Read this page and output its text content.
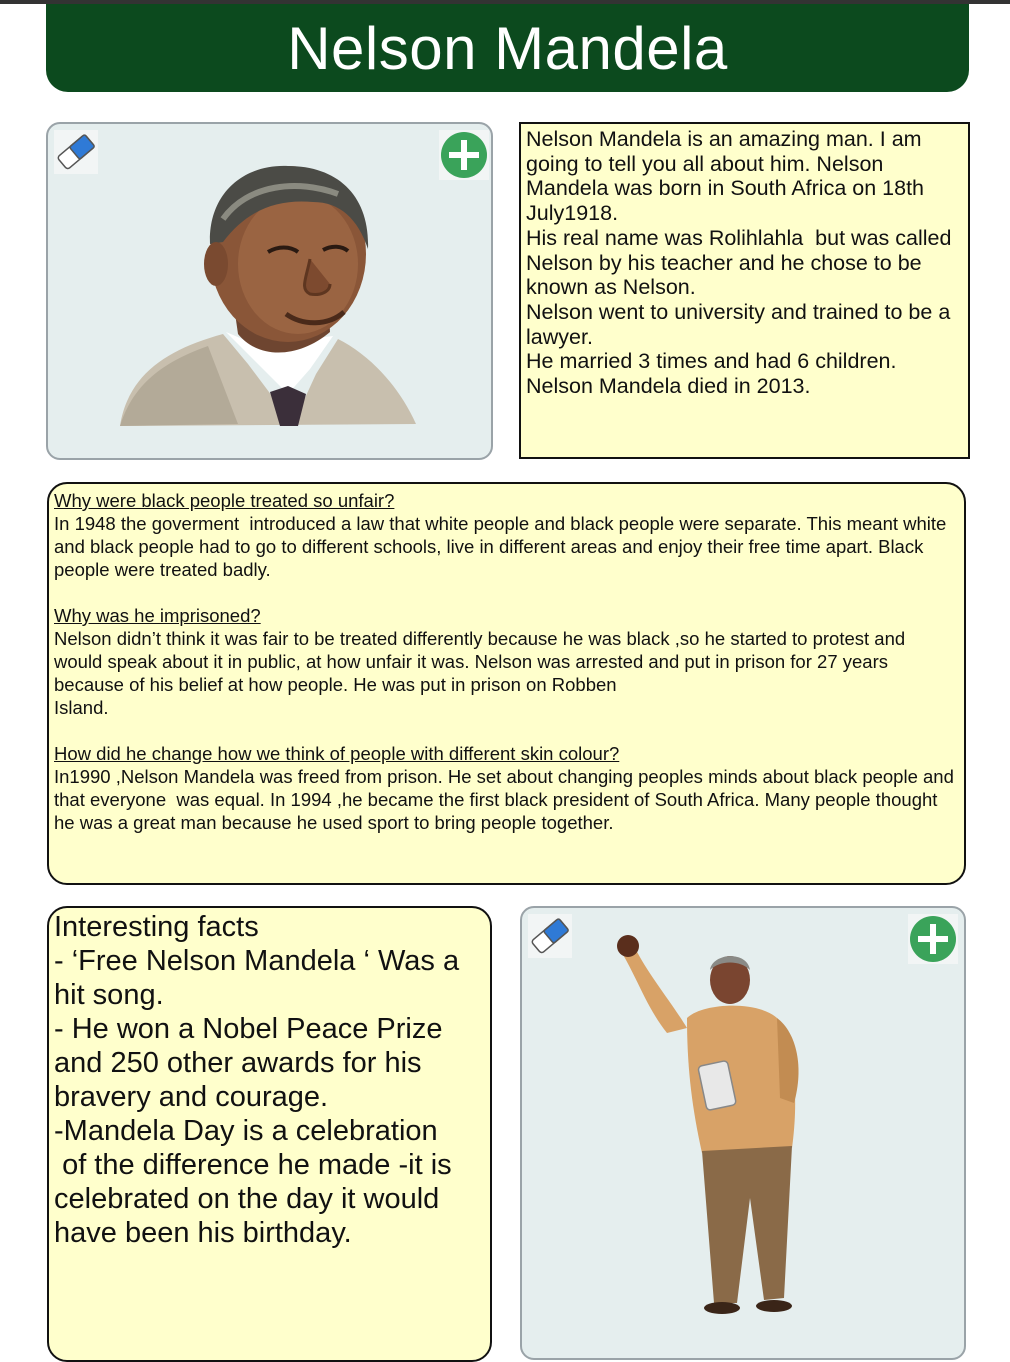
Nelson Mandela

Nelson Mandela is an amazing man. I am going to tell you all about him. Nelson Mandela was born in South Africa on 18th July1918.

His real name was Rolihlahla  but was called Nelson by his teacher and he chose to be known as Nelson.

Nelson went to university and trained to be a lawyer.

He married 3 times and had 6 children.

Nelson Mandela died in 2013.

Why were black people treated so unfair?
In 1948 the goverment  introduced a law that white people and black people were separate. This meant white and black people had to go to different schools, live in different areas and enjoy their free time apart. Black people were treated badly.
Why was he imprisoned?
Nelson didn’t think it was fair to be treated differently because he was black ,so he started to protest and would speak about it in public, at how unfair it was. Nelson was arrested and put in prison for 27 years because of his belief at how people. He was put in prison on Robben
Island.
How did he change how we think of people with different skin colour?
In1990 ,Nelson Mandela was freed from prison. He set about changing peoples minds about black people and that everyone  was equal. In 1994 ,he became the first black president of South Africa. Many people thought he was a great man because he used sport to bring people together.
Interesting facts
- ‘Free Nelson Mandela ‘ Was a hit song.
- He won a Nobel Peace Prize and 250 other awards for his bravery and courage.
-Mandela Day is a celebration
of the difference he made -it is celebrated on the day it would have been his birthday.
